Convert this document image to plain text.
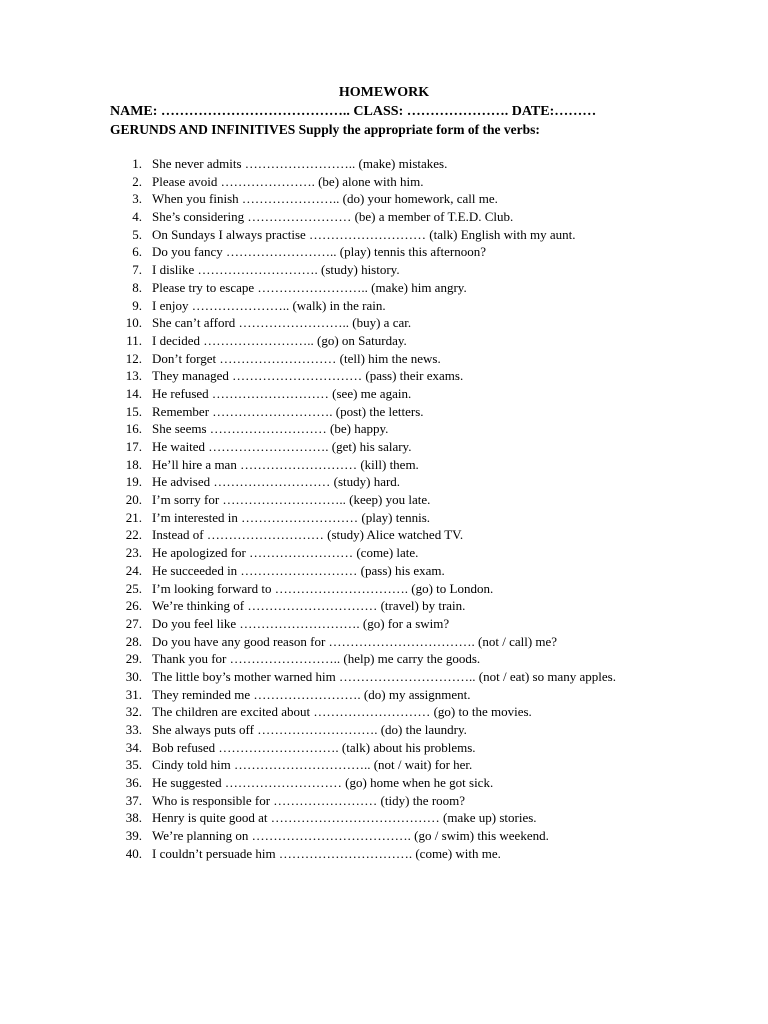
HOMEWORK
NAME: ………………………………….. CLASS: …………………. DATE:………
GERUNDS AND INFINITIVES Supply the appropriate form of the verbs:
1. She never admits …………………….. (make) mistakes.
2. Please avoid …………………. (be) alone with him.
3. When you finish ………………….. (do) your homework, call me.
4. She’s considering …………………… (be) a member of T.E.D. Club.
5. On Sundays I always practise ……………………… (talk) English with my aunt.
6. Do you fancy …………………….. (play) tennis this afternoon?
7. I dislike ………………………. (study) history.
8. Please try to escape …………………….. (make) him angry.
9. I enjoy ………………….. (walk) in the rain.
10. She can’t afford …………………….. (buy) a car.
11. I decided …………………….. (go) on Saturday.
12. Don’t forget ……………………… (tell) him the news.
13. They managed ………………………… (pass) their exams.
14. He refused ……………………… (see) me again.
15. Remember ………………………. (post) the letters.
16. She seems ……………………… (be) happy.
17. He waited ………………………. (get) his salary.
18. He’ll hire a man ……………………… (kill) them.
19. He advised ……………………… (study) hard.
20. I’m sorry for ……………………….. (keep) you late.
21. I’m interested in ……………………… (play) tennis.
22. Instead of ……………………… (study) Alice watched TV.
23. He apologized for …………………… (come) late.
24. He succeeded in ……………………… (pass) his exam.
25. I’m looking forward to …………………………. (go) to London.
26. We’re thinking of ………………………… (travel) by train.
27. Do you feel like ………………………. (go) for a swim?
28. Do you have any good reason for ……………………………. (not / call) me?
29. Thank you for …………………….. (help) me carry the goods.
30. The little boy’s mother warned him ………………………….. (not / eat) so many apples.
31. They reminded me ……………………. (do) my assignment.
32. The children are excited about ……………………… (go) to the movies.
33. She always puts off ………………………. (do) the laundry.
34. Bob refused ………………………. (talk) about his problems.
35. Cindy told him ………………………….. (not / wait) for her.
36. He suggested ……………………… (go) home when he got sick.
37. Who is responsible for …………………… (tidy) the room?
38. Henry is quite good at ………………………………… (make up) stories.
39. We’re planning on ………………………………. (go / swim) this weekend.
40. I couldn’t persuade him …………………………. (come) with me.
